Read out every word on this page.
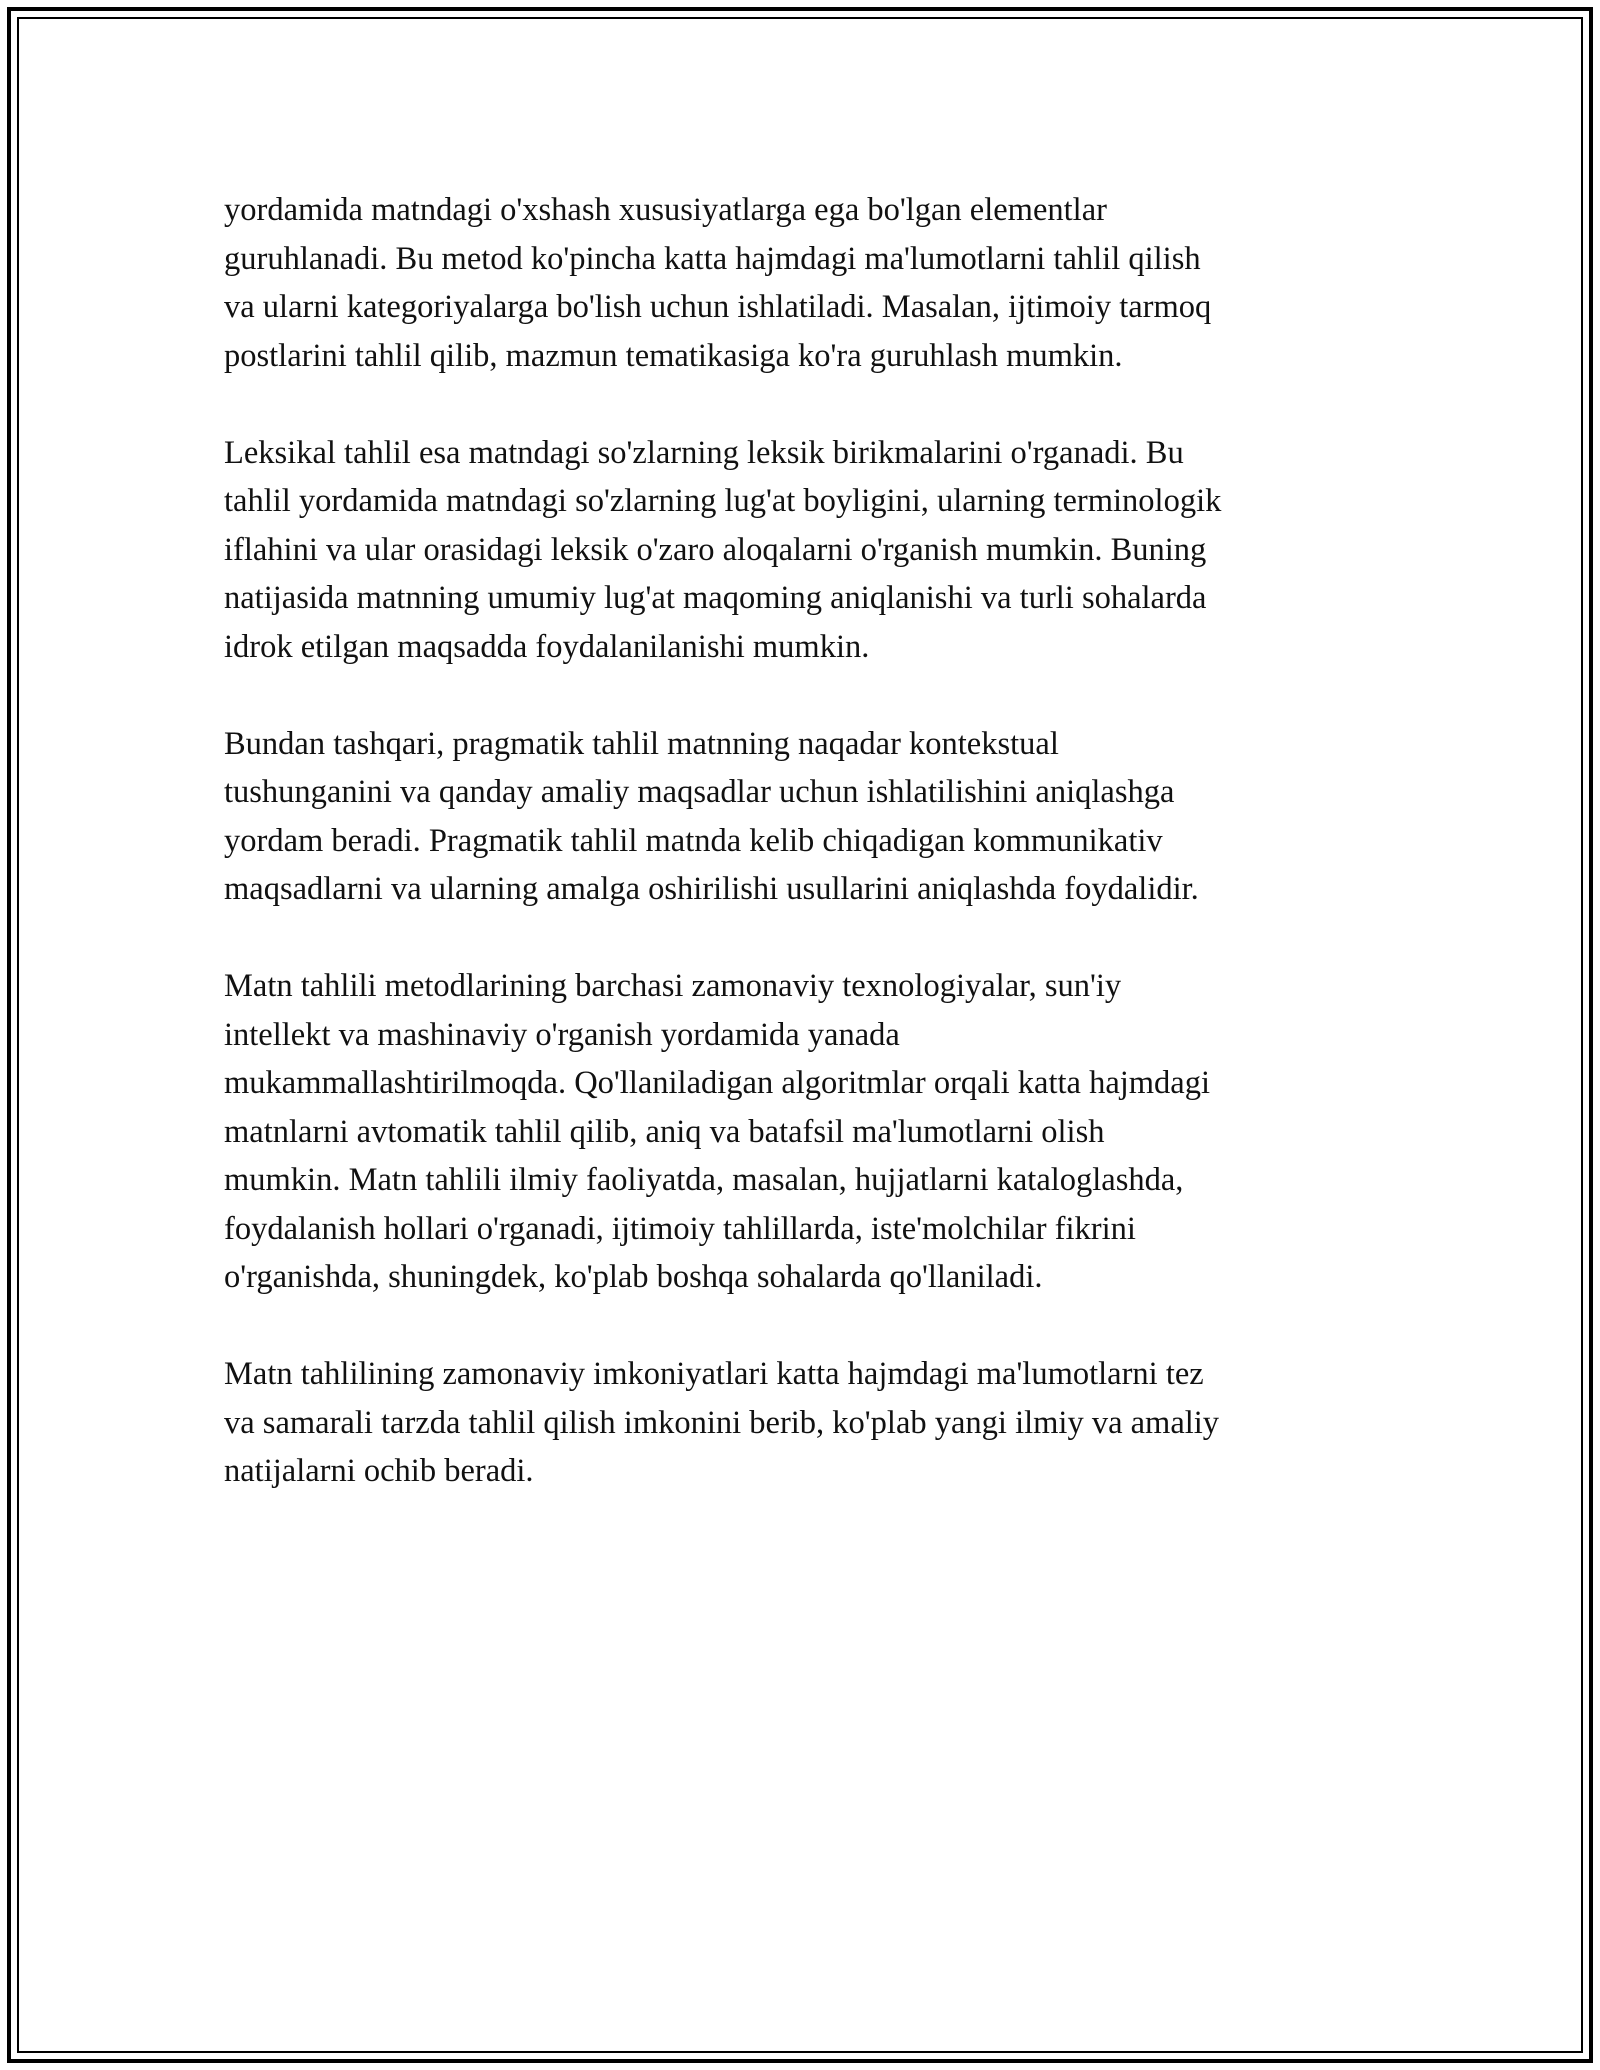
yordamida matndagi o'xshash xususiyatlarga ega bo'lgan elementlar
guruhlanadi. Bu metod ko'pincha katta hajmdagi ma'lumotlarni tahlil qilish
va ularni kategoriyalarga bo'lish uchun ishlatiladi. Masalan, ijtimoiy tarmoq
postlarini tahlil qilib, mazmun tematikasiga ko'ra guruhlash mumkin.

Leksikal tahlil esa matndagi so'zlarning leksik birikmalarini o'rganadi. Bu
tahlil yordamida matndagi so'zlarning lug'at boyligini, ularning terminologik
iflahini va ular orasidagi leksik o'zaro aloqalarni o'rganish mumkin. Buning
natijasida matnning umumiy lug'at maqoming aniqlanishi va turli sohalarda
idrok etilgan maqsadda foydalanilanishi mumkin.

Bundan tashqari, pragmatik tahlil matnning naqadar kontekstual
tushunganini va qanday amaliy maqsadlar uchun ishlatilishini aniqlashga
yordam beradi. Pragmatik tahlil matnda kelib chiqadigan kommunikativ
maqsadlarni va ularning amalga oshirilishi usullarini aniqlashda foydalidir.

Matn tahlili metodlarining barchasi zamonaviy texnologiyalar, sun'iy
intellekt va mashinaviy o'rganish yordamida yanada
mukammallashtirilmoqda. Qo'llaniladigan algoritmlar orqali katta hajmdagi
matnlarni avtomatik tahlil qilib, aniq va batafsil ma'lumotlarni olish
mumkin. Matn tahlili ilmiy faoliyatda, masalan, hujjatlarni kataloglashda,
foydalanish hollari o'rganadi, ijtimoiy tahlillarda, iste'molchilar fikrini
o'rganishda, shuningdek, ko'plab boshqa sohalarda qo'llaniladi.

Matn tahlilining zamonaviy imkoniyatlari katta hajmdagi ma'lumotlarni tez
va samarali tarzda tahlil qilish imkonini berib, ko'plab yangi ilmiy va amaliy
natijalarni ochib beradi.
